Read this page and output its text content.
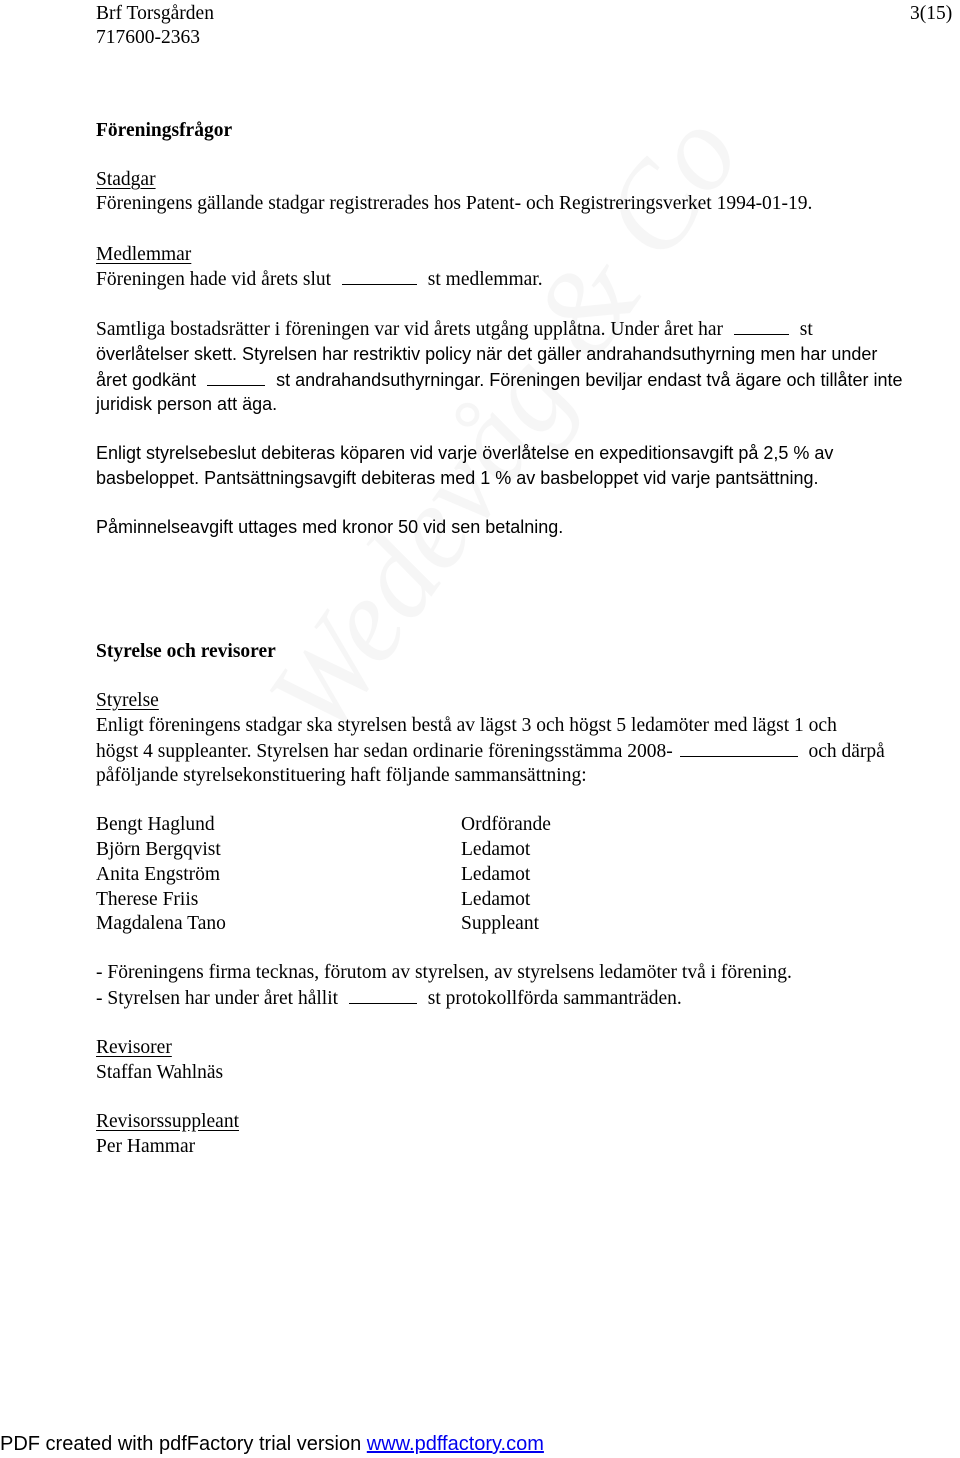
Brf Torsgården
717600-2363
3(15)
Föreningsfrågor
Stadgar
Föreningens gällande stadgar registrerades hos Patent- och Registreringsverket 1994-01-19.
Medlemmar
Föreningen hade vid årets slut	st medlemmar.
Samtliga bostadsrätter i föreningen var vid årets utgång upplåtna. Under året har	st
överlåtelser skett. Styrelsen har restriktiv policy när det gäller andrahandsuthyrning men har under
året godkänt	st andrahandsuthyrningar. Föreningen beviljar endast två ägare och tillåter inte
juridisk person att äga.
Enligt styrelsebeslut debiteras köparen vid varje överlåtelse en expeditionsavgift på 2,5 % av
basbeloppet. Pantsättningsavgift debiteras med 1 % av basbeloppet vid varje pantsättning.
Påminnelseavgift uttages med kronor 50 vid sen betalning.
Styrelse och revisorer
Styrelse
Enligt föreningens stadgar ska styrelsen bestå av lägst 3 och högst 5 ledamöter med lägst 1 och
högst 4 suppleanter. Styrelsen har sedan ordinarie föreningsstämma 2008-	och därpå
påföljande styrelsekonstituering haft följande sammansättning:
Bengt Haglund	Ordförande
Björn Bergqvist	Ledamot
Anita Engström	Ledamot
Therese Friis	Ledamot
Magdalena Tano	Suppleant
- Föreningens firma tecknas, förutom av styrelsen, av styrelsens ledamöter två i förening.
- Styrelsen har under året hållit	st protokollförda sammanträden.
Revisorer
Staffan Wahlnäs
Revisorssuppleant
Per Hammar
PDF created with pdfFactory trial version www.pdffactory.com
